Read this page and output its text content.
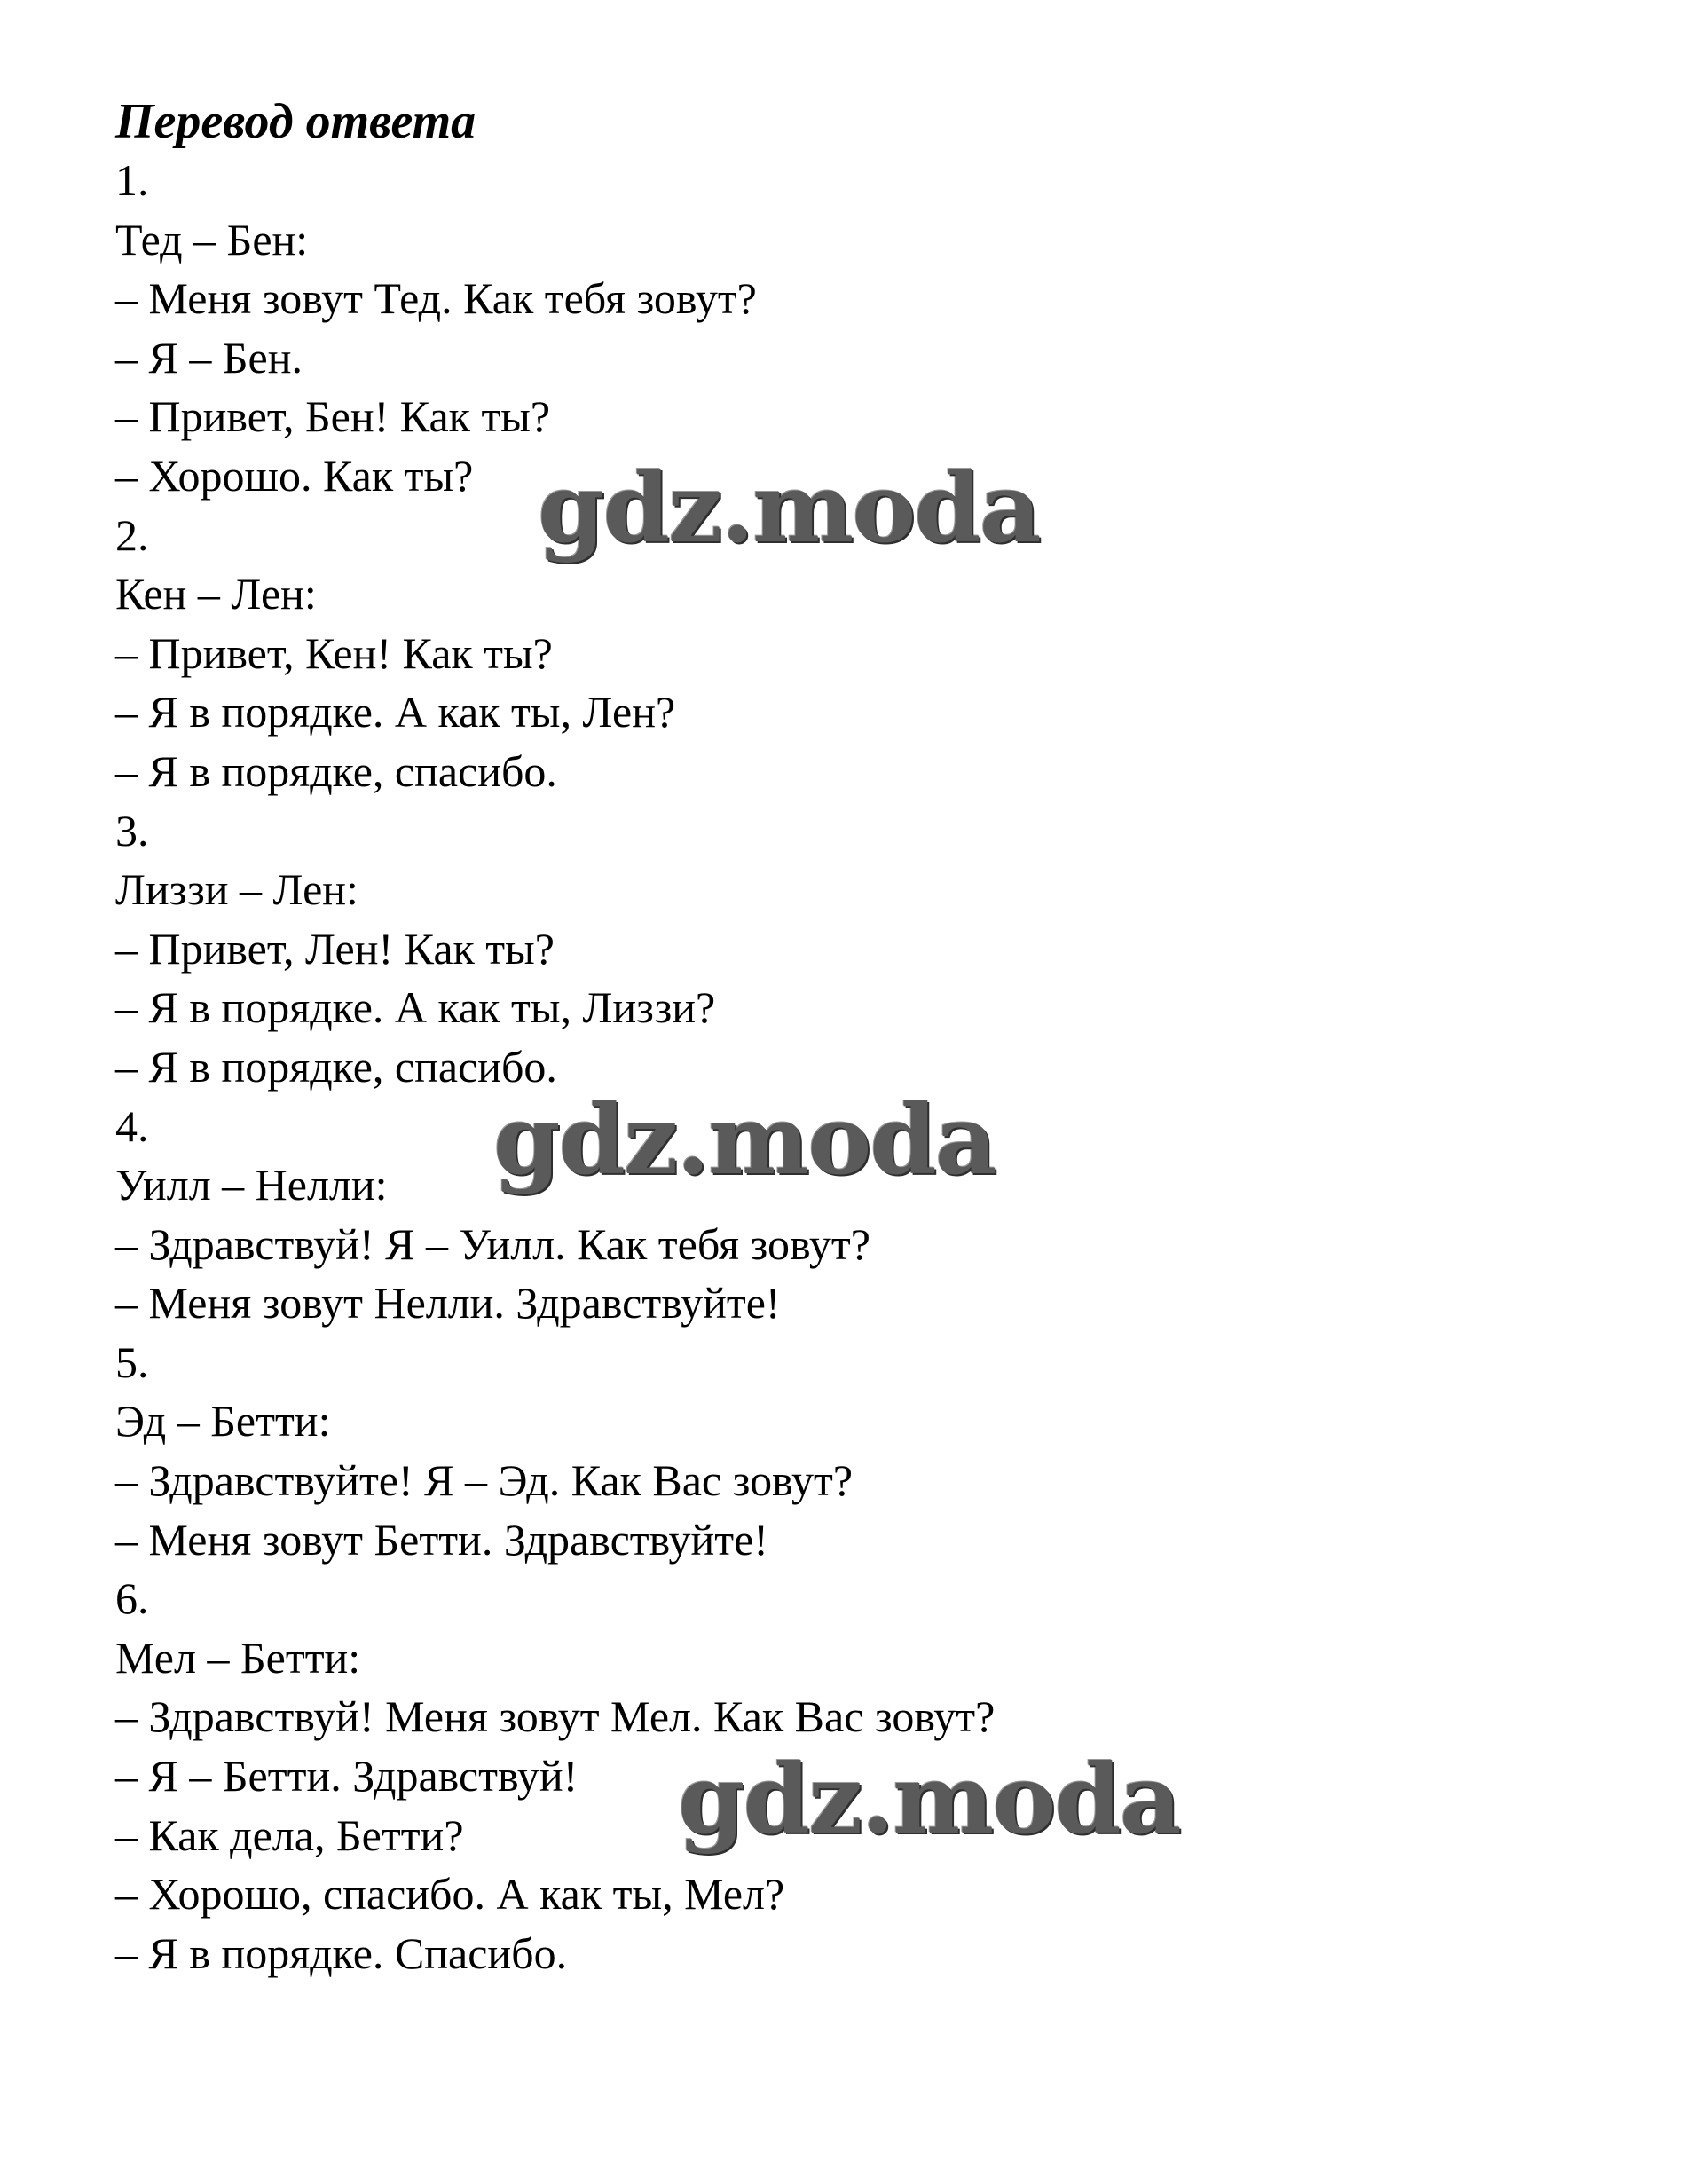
Перевод ответа
1.
Тед – Бен:
– Меня зовут Тед. Как тебя зовут?
– Я – Бен.
– Привет, Бен! Как ты?
– Хорошо. Как ты?
2.
Кен – Лен:
– Привет, Кен! Как ты?
– Я в порядке. А как ты, Лен?
– Я в порядке, спасибо.
3.
Лиззи – Лен:
– Привет, Лен! Как ты?
– Я в порядке. А как ты, Лиззи?
– Я в порядке, спасибо.
4.
Уилл – Нелли:
– Здравствуй! Я – Уилл. Как тебя зовут?
– Меня зовут Нелли. Здравствуйте!
5.
Эд – Бетти:
– Здравствуйте! Я – Эд. Как Вас зовут?
– Меня зовут Бетти. Здравствуйте!
6.
Мел – Бетти:
– Здравствуй! Меня зовут Мел. Как Вас зовут?
– Я – Бетти. Здравствуй!
– Как дела, Бетти?
– Хорошо, спасибо. А как ты, Мел?
– Я в порядке. Спасибо.
gdz.moda
gdz.moda
gdz.moda
